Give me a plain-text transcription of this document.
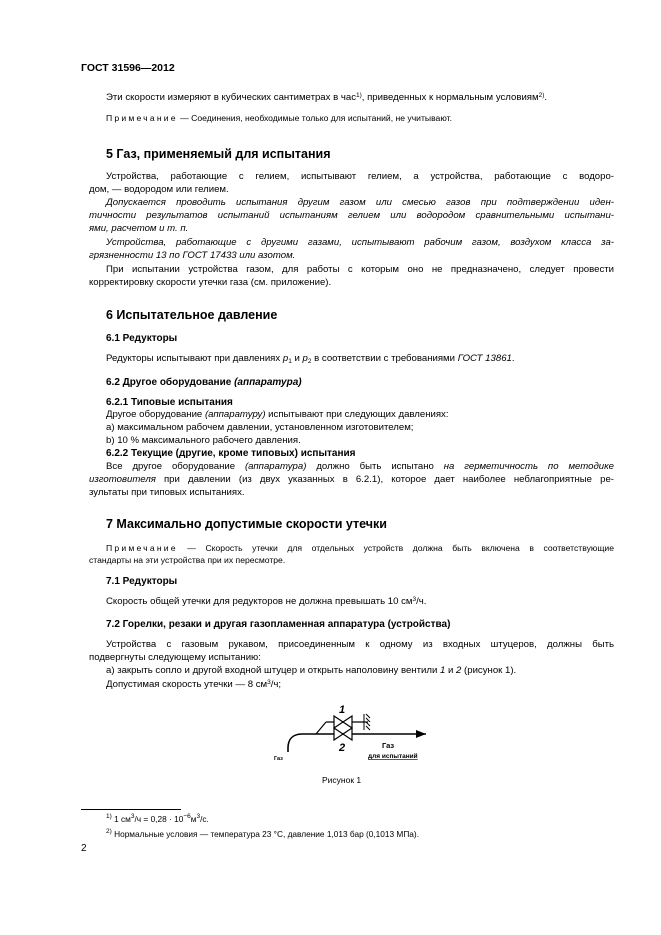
ГОСТ 31596—2012
Эти скорости измеряют в кубических сантиметрах в час$^{1)}$, приведенных к нормальным условиям$^{2)}$.
Примечание — Соединения, необходимые только для испытаний, не учитывают.
5 Газ, применяемый для испытания
Устройства, работающие с гелием, испытывают гелием, а устройства, работающие с водоро-
дом, — водородом или гелием.
Допускается проводить испытания другим газом или смесью газов при подтверждении иден-
тичности результатов испытаний испытаниям гелием или водородом сравнительными испытани-
ями, расчетом и т. п.
Устройства, работающие с другими газами, испытывают рабочим газом, воздухом класса за-
грязненности 13 по ГОСТ 17433 или азотом.
При испытании устройства газом, для работы с которым оно не предназначено, следует провести
корректировку скорости утечки газа (см. приложение).
6 Испытательное давление
6.1 Редукторы
Редукторы испытывают при давлениях $p_1$ и $p_2$ в соответствии с требованиями ГОСТ 13861.
6.2 Другое оборудование (аппаратура)
6.2.1 Типовые испытания
Другое оборудование (аппаратуру) испытывают при следующих давлениях:
а) максимальном рабочем давлении, установленном изготовителем;
b) 10 % максимального рабочего давления.
6.2.2 Текущие (другие, кроме типовых) испытания
Все другое оборудование (аппаратура) должно быть испытано на герметичность по методике
изготовителя при давлении (из двух указанных в 6.2.1), которое дает наиболее неблагоприятные ре-
зультаты при типовых испытаниях.
7 Максимально допустимые скорости утечки
Примечание — Скорость утечки для отдельных устройств должна быть включена в соответствующие
стандарты на эти устройства при их пересмотре.
7.1 Редукторы
Скорость общей утечки для редукторов не должна превышать 10 $см^3/ч$.
7.2 Горелки, резаки и другая газопламенная аппаратура (устройства)
Устройства с газовым рукавом, присоединенным к одному из входных штуцеров, должны быть
подвергнуты следующему испытанию:
а) закрыть сопло и другой входной штуцер и открыть наполовину вентили 1 и 2 (рисунок 1).
Допустимая скорость утечки — 8 $см^3/ч$;
1
2	Газ
для испытаний
Газ
Рисунок 1
$^{1)}$ 1 $см^3/ч = 0,28 \cdot 10^{-6}м^3/с$.
$^{2)}$ Нормальные условия — температура 23 °С, давление 1,013 бар (0,1013 МПа).
2
